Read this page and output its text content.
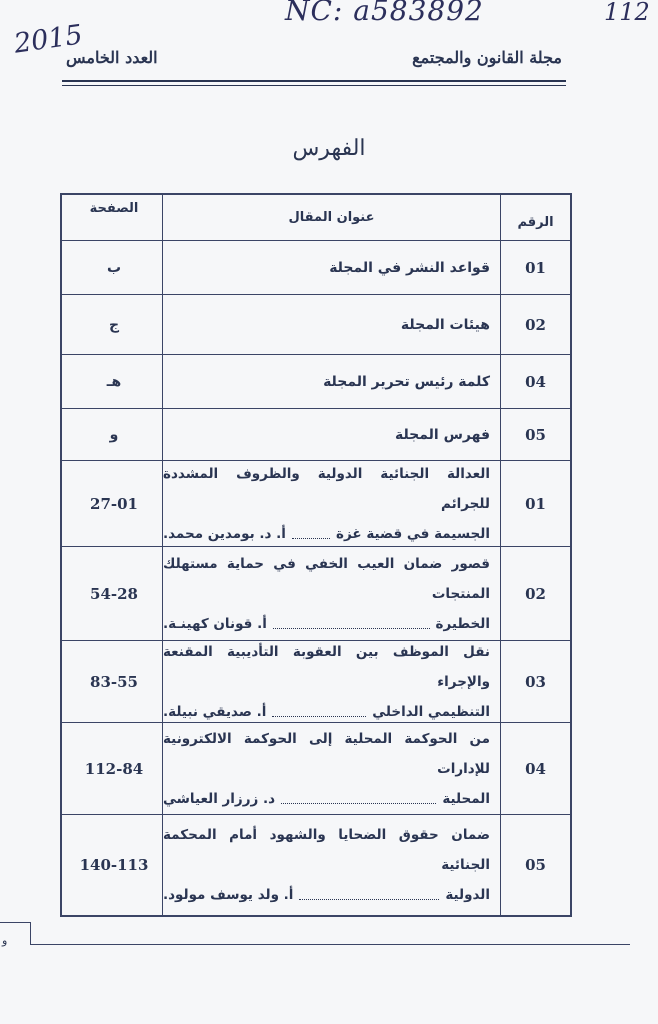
NC: a583892
2015
112
مجلة القانون والمجتمع
العدد الخامس
الفهرس
الرقم
عنوان المقال
الصفحة
01
قواعد النشر في المجلة
ب
02
هيئات المجلة
ج
04
كلمة رئيس تحرير المجلة
هـ
05
فهرس المجلة
و
01
العدالة الجنائية الدولية والظروف المشددة للجرائم
الجسيمة في قضية غزة
أ. د. بومدين محمد.
27-01
02
قصور ضمان العيب الخفي في حماية مستهلك المنتجات
الخطيرة
أ. قونان كهينـة.
54-28
03
نقل الموظف بين العقوبة التأديبية المقنعة والإجراء
التنظيمي الداخلي
أ. صديقي نبيلة.
83-55
04
من الحوكمة المحلية إلى الحوكمة الالكترونية للإدارات
المحلية
د. زرزار العياشي
112-84
05
ضمان حقوق الضحايا والشهود أمام المحكمة الجنائية
الدولية
أ. ولد يوسف مولود.
140-113
و
